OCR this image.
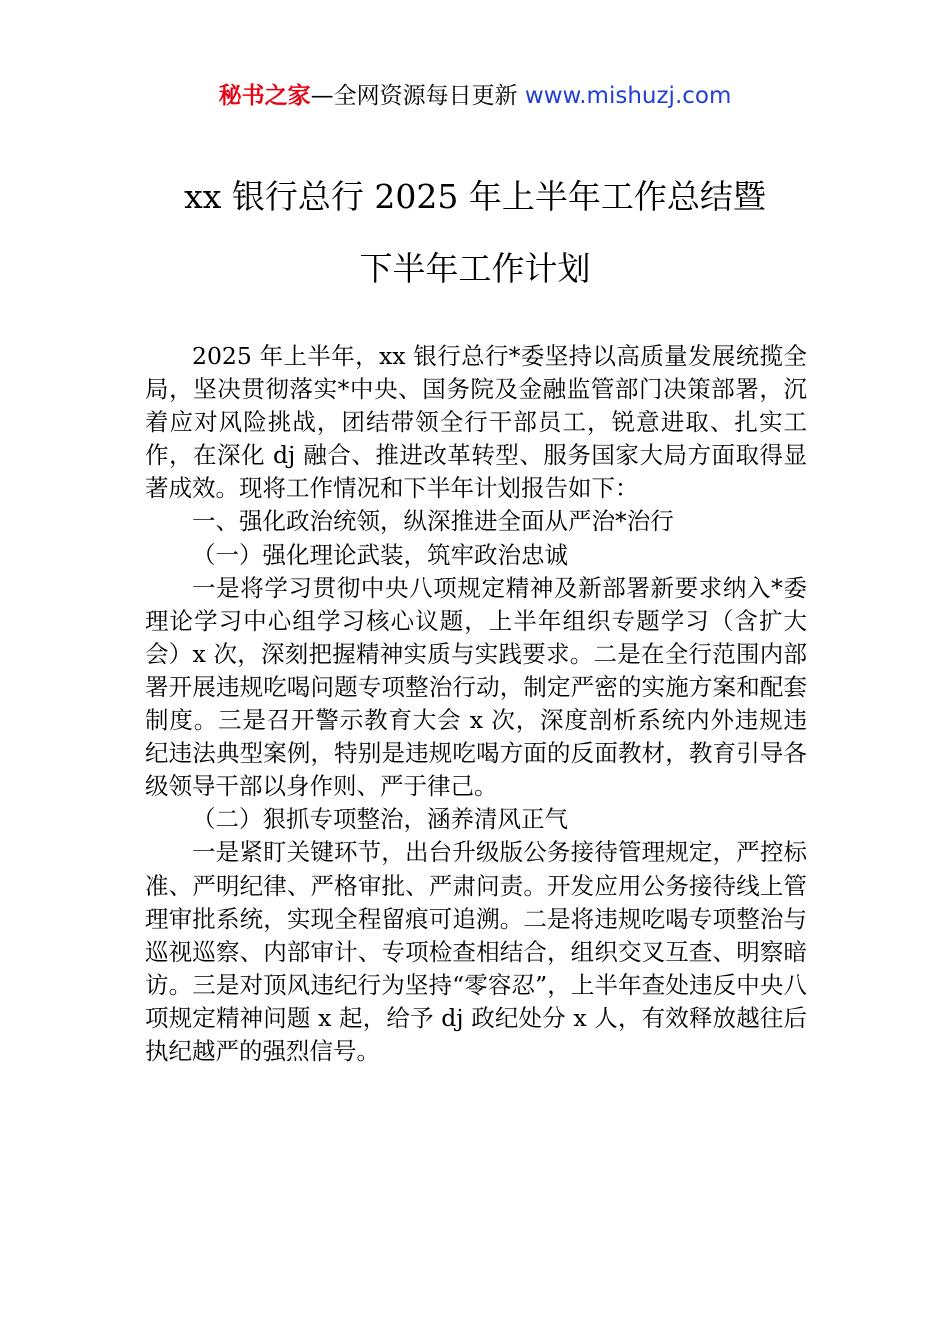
秘书之家—全网资源每日更新 www.mishuzj.com
xx 银行总行 2025 年上半年工作总结暨
下半年工作计划

2025 年上半年，xx 银行总行*委坚持以高质量发展统揽全局，坚决贯彻落实*中央、国务院及金融监管部门决策部署，沉着应对风险挑战，团结带领全行干部员工，锐意进取、扎实工作，在深化 dj 融合、推进改革转型、服务国家大局方面取得显著成效。现将工作情况和下半年计划报告如下：

一、强化政治统领，纵深推进全面从严治*治行

（一）强化理论武装，筑牢政治忠诚

一是将学习贯彻中央八项规定精神及新部署新要求纳入*委理论学习中心组学习核心议题，上半年组织专题学习（含扩大会）x 次，深刻把握精神实质与实践要求。二是在全行范围内部署开展违规吃喝问题专项整治行动，制定严密的实施方案和配套制度。三是召开警示教育大会 x 次，深度剖析系统内外违规违纪违法典型案例，特别是违规吃喝方面的反面教材，教育引导各级领导干部以身作则、严于律己。

（二）狠抓专项整治，涵养清风正气

一是紧盯关键环节，出台升级版公务接待管理规定，严控标准、严明纪律、严格审批、严肃问责。开发应用公务接待线上管理审批系统，实现全程留痕可追溯。二是将违规吃喝专项整治与巡视巡察、内部审计、专项检查相结合，组织交叉互查、明察暗访。三是对顶风违纪行为坚持“零容忍”，上半年查处违反中央八项规定精神问题 x 起，给予 dj 政纪处分 x 人，有效释放越往后执纪越严的强烈信号。
